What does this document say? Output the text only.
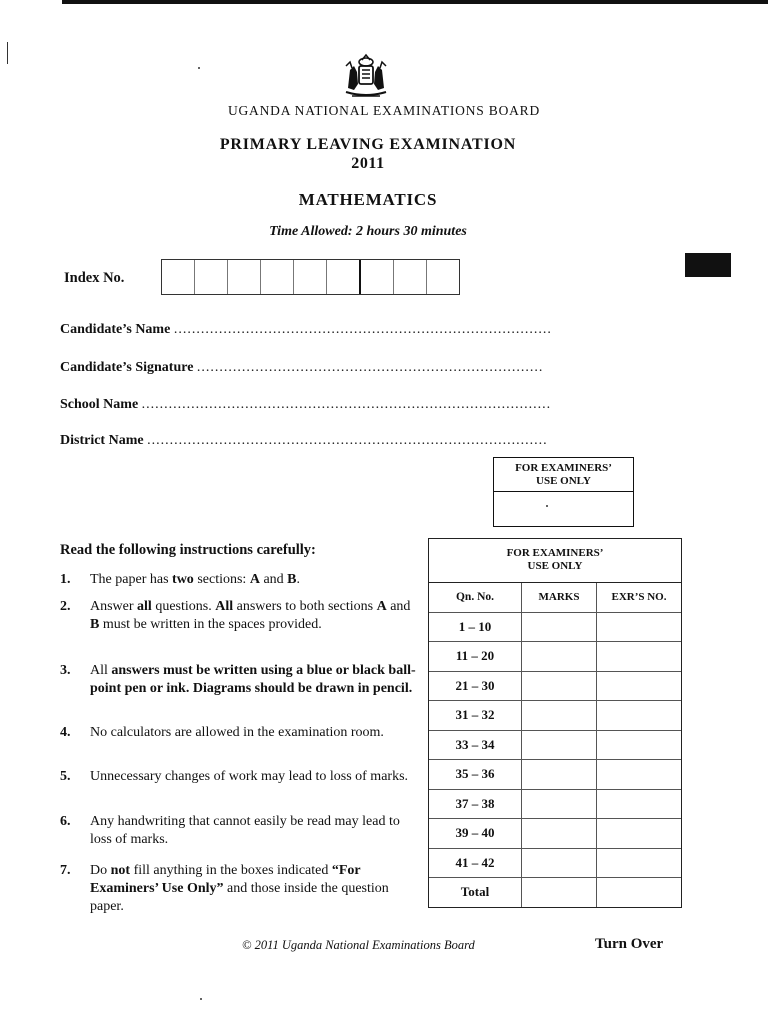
UGANDA NATIONAL EXAMINATIONS BOARD
PRIMARY LEAVING EXAMINATION
2011
MATHEMATICS
Time Allowed: 2 hours 30 minutes
Index No.
Candidate’s Name ....................................................................................
Candidate’s Signature .............................................................................
School Name ...........................................................................................
District Name .........................................................................................
FOR EXAMINERS’
USE ONLY
Read the following instructions carefully:
1. The paper has two sections: A and B.
2. Answer all questions. All answers to both sections A and B must be written in the spaces provided.
3. All answers must be written using a blue or black ball-point pen or ink. Diagrams should be drawn in pencil.
4. No calculators are allowed in the examination room.
5. Unnecessary changes of work may lead to loss of marks.
6. Any handwriting that cannot easily be read may lead to loss of marks.
7. Do not fill anything in the boxes indicated “For Examiners’ Use Only” and those inside the question paper.
FOR EXAMINERS’
USE ONLY
Qn. No.	MARKS	EXR’S NO.
1 – 10
11 – 20
21 – 30
31 – 32
33 – 34
35 – 36
37 – 38
39 – 40
41 – 42
Total
© 2011 Uganda National Examinations Board	Turn Over
